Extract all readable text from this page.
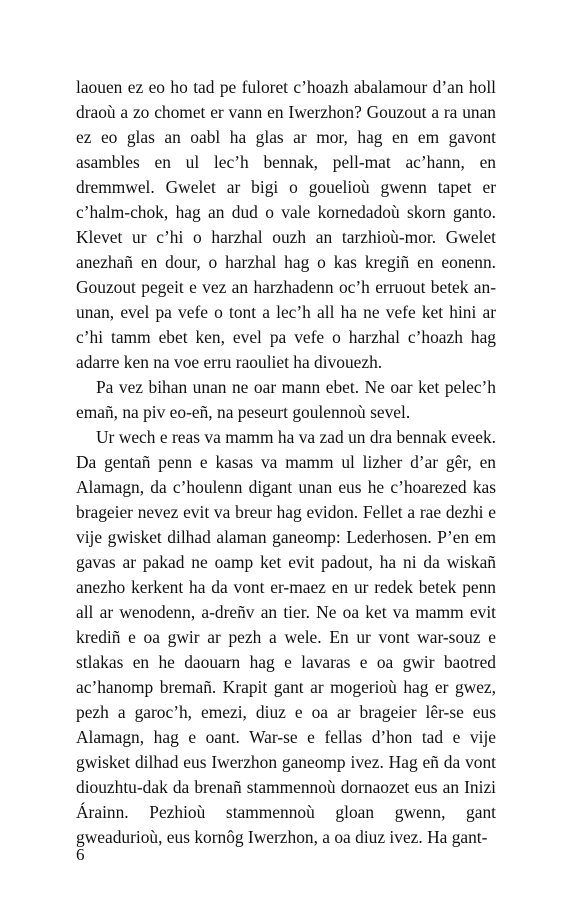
laouen ez eo ho tad pe fuloret c’hoazh abalamour d’an holl draoù a zo chomet er vann en Iwerzhon? Gouzout a ra unan ez eo glas an oabl ha glas ar mor, hag en em gavont asambles en ul lec’h bennak, pell-mat ac’hann, en dremmwel. Gwelet ar bigi o gouelioù gwenn tapet er c’halm-chok, hag an dud o vale kornedadoù skorn ganto. Klevet ur c’hi o harzhal ouzh an tarzhioù-mor. Gwelet anezhañ en dour, o harzhal hag o kas kregiñ en eonenn. Gouzout pegeit e vez an harzhadenn oc’h erruout betek an-unan, evel pa vefe o tont a lec’h all ha ne vefe ket hini ar c’hi tamm ebet ken, evel pa vefe o harzhal c’hoazh hag adarre ken na voe erru raouliet ha divouezh.

Pa vez bihan unan ne oar mann ebet. Ne oar ket pelec’h emañ, na piv eo-eñ, na peseurt goulennoù sevel.

Ur wech e reas va mamm ha va zad un dra bennak eveek. Da gentañ penn e kasas va mamm ul lizher d’ar gêr, en Alamagn, da c’houlenn digant unan eus he c’hoarezed kas brageier nevez evit va breur hag evidon. Fellet a rae dezhi e vije gwisket dilhad alaman ganeomp: Lederhosen. P’en em gavas ar pakad ne oamp ket evit padout, ha ni da wiskañ anezho kerkent ha da vont er-maez en ur redek betek penn all ar wenodenn, a-dreñv an tier. Ne oa ket va mamm evit krediñ e oa gwir ar pezh a wele. En ur vont war-souz e stlakas en he daouarn hag e lavaras e oa gwir baotred ac’hanomp bremañ. Krapit gant ar mogerioù hag er gwez, pezh a garoc’h, emezi, diuz e oa ar brageier lêr-se eus Alamagn, hag e oant. War-se e fellas d’hon tad e vije gwisket dilhad eus Iwerzhon ganeomp ivez. Hag eñ da vont diouzhtu-dak da brenañ stammennoù dornaozet eus an Inizi Árainn. Pezhioù stammennoù gloan gwenn, gant gweadurioù, eus kornôg Iwerzhon, a oa diuz ivez. Ha gant-

6
